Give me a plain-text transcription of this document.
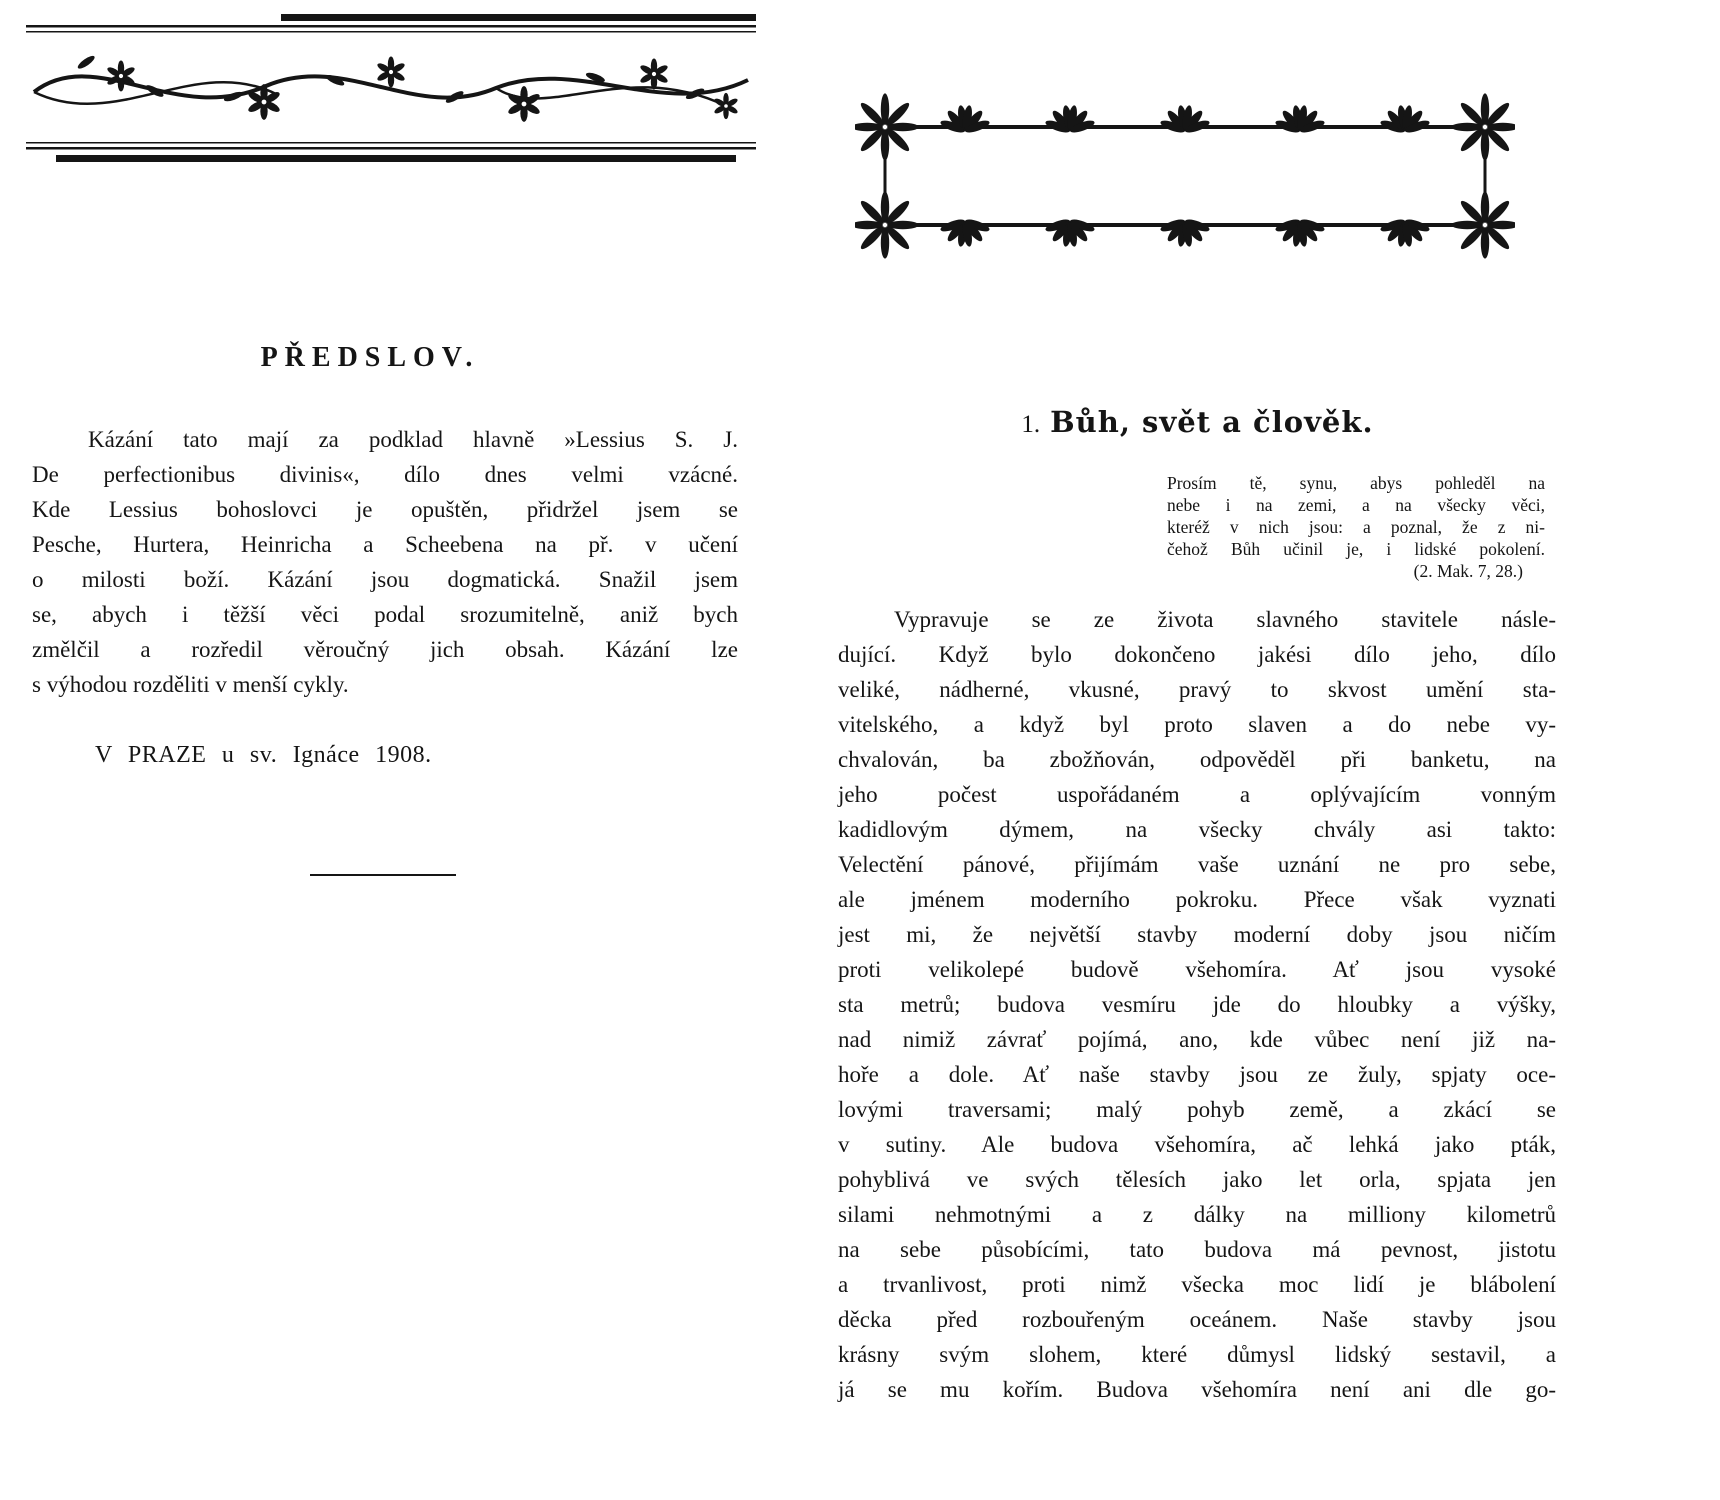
PŘEDSLOV.
Kázání tato mají za podklad hlavně »Lessius S. J.
De perfectionibus divinis«, dílo dnes velmi vzácné.
Kde Lessius bohoslovci je opuštěn, přidržel jsem se
Pesche, Hurtera, Heinricha a Scheebena na př. v učení
o milosti boží. Kázání jsou dogmatická. Snažil jsem
se, abych i těžší věci podal srozumitelně, aniž bych
změlčil a rozředil věroučný jich obsah. Kázání lze
s výhodou rozděliti v menší cykly.
V PRAZE u sv. Ignáce 1908.
1. Bůh, svět a člověk.
Prosím tě, synu, abys pohleděl na
nebe i na zemi, a na všecky věci,
kteréž v nich jsou: a poznal, že z ni-
čehož Bůh učinil je, i lidské pokolení.
(2. Mak. 7, 28.)
Vypravuje se ze života slavného stavitele násle-
dující. Když bylo dokončeno jakési dílo jeho, dílo
veliké, nádherné, vkusné, pravý to skvost umění sta-
vitelského, a když byl proto slaven a do nebe vy-
chvalován, ba zbožňován, odpověděl při banketu, na
jeho počest uspořádaném a oplývajícím vonným
kadidlovým dýmem, na všecky chvály asi takto:
Velectění pánové, přijímám vaše uznání ne pro sebe,
ale jménem moderního pokroku. Přece však vyznati
jest mi, že největší stavby moderní doby jsou ničím
proti velikolepé budově všehomíra. Ať jsou vysoké
sta metrů; budova vesmíru jde do hloubky a výšky,
nad nimiž závrať pojímá, ano, kde vůbec není již na-
hoře a dole. Ať naše stavby jsou ze žuly, spjaty oce-
lovými traversami; malý pohyb země, a zkácí se
v sutiny. Ale budova všehomíra, ač lehká jako pták,
pohyblivá ve svých tělesích jako let orla, spjata jen
silami nehmotnými a z dálky na milliony kilometrů
na sebe působícími, tato budova má pevnost, jistotu
a trvanlivost, proti nimž všecka moc lidí je blábolení
děcka před rozbouřeným oceánem. Naše stavby jsou
krásny svým slohem, které důmysl lidský sestavil, a
já se mu kořím. Budova všehomíra není ani dle go-
